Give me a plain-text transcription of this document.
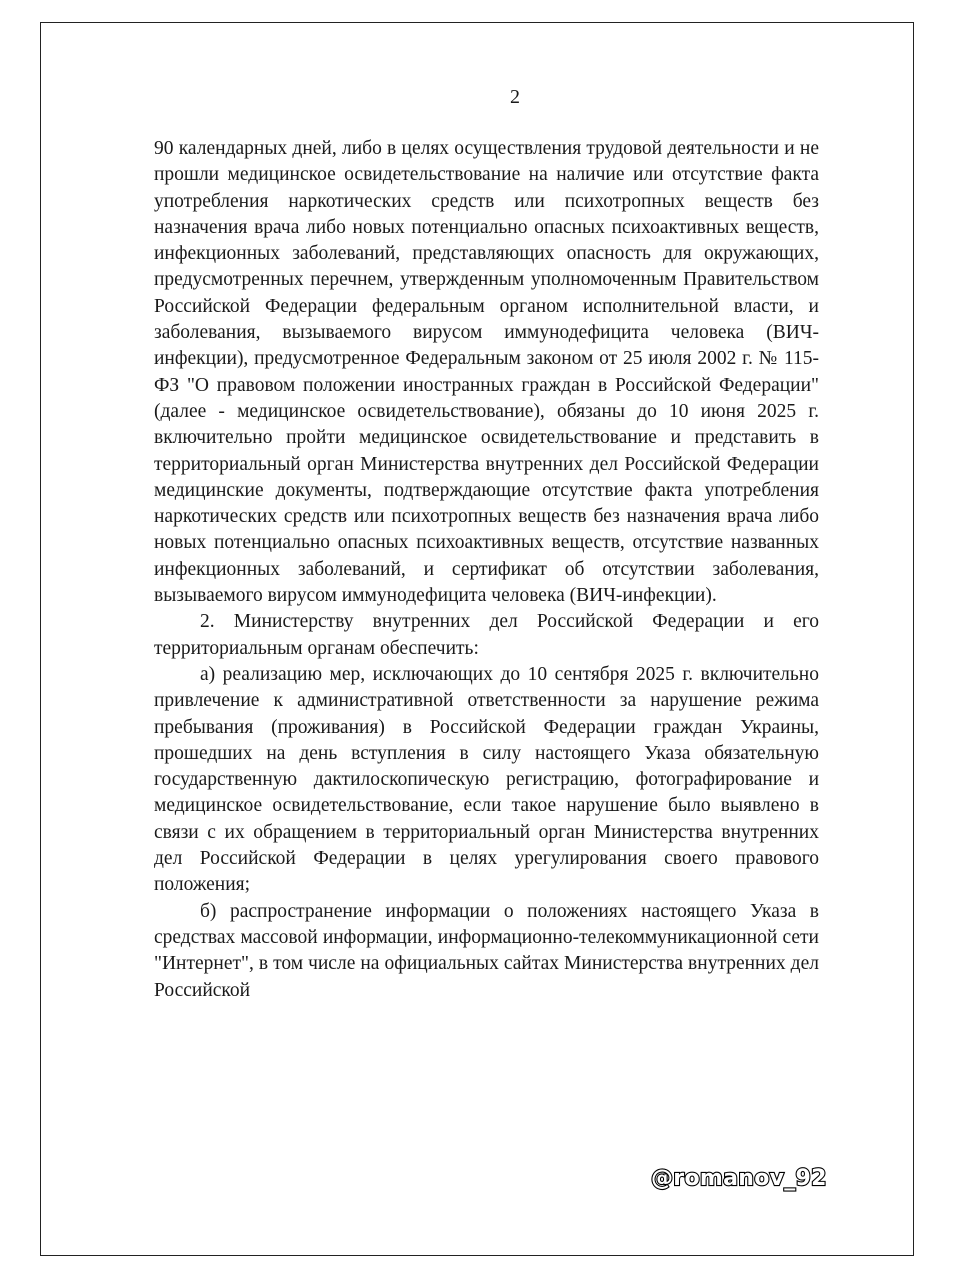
2

90 календарных дней, либо в целях осуществления трудовой деятельности и не прошли медицинское освидетельствование на наличие или отсутствие факта употребления наркотических средств или психотропных веществ без назначения врача либо новых потенциально опасных психоактивных веществ, инфекционных заболеваний, представляющих опасность для окружающих, предусмотренных перечнем, утвержденным уполномоченным Правительством Российской Федерации федеральным органом исполнительной власти, и заболевания, вызываемого вирусом иммунодефицита человека (ВИЧ-инфекции), предусмотренное Федеральным законом от 25 июля 2002 г. № 115-ФЗ "О правовом положении иностранных граждан в Российской Федерации" (далее - медицинское освидетельствование), обязаны до 10 июня 2025 г. включительно пройти медицинское освидетельствование и представить в территориальный орган Министерства внутренних дел Российской Федерации медицинские документы, подтверждающие отсутствие факта употребления наркотических средств или психотропных веществ без назначения врача либо новых потенциально опасных психоактивных веществ, отсутствие названных инфекционных заболеваний, и сертификат об отсутствии заболевания, вызываемого вирусом иммунодефицита человека (ВИЧ-инфекции).

2. Министерству внутренних дел Российской Федерации и его территориальным органам обеспечить:

а) реализацию мер, исключающих до 10 сентября 2025 г. включительно привлечение к административной ответственности за нарушение режима пребывания (проживания) в Российской Федерации граждан Украины, прошедших на день вступления в силу настоящего Указа обязательную государственную дактилоскопическую регистрацию, фотографирование и медицинское освидетельствование, если такое нарушение было выявлено в связи с их обращением в территориальный орган Министерства внутренних дел Российской Федерации в целях урегулирования своего правового положения;

б) распространение информации о положениях настоящего Указа в средствах массовой информации, информационно-телекоммуникационной сети "Интернет", в том числе на официальных сайтах Министерства внутренних дел Российской

@romanov_92
